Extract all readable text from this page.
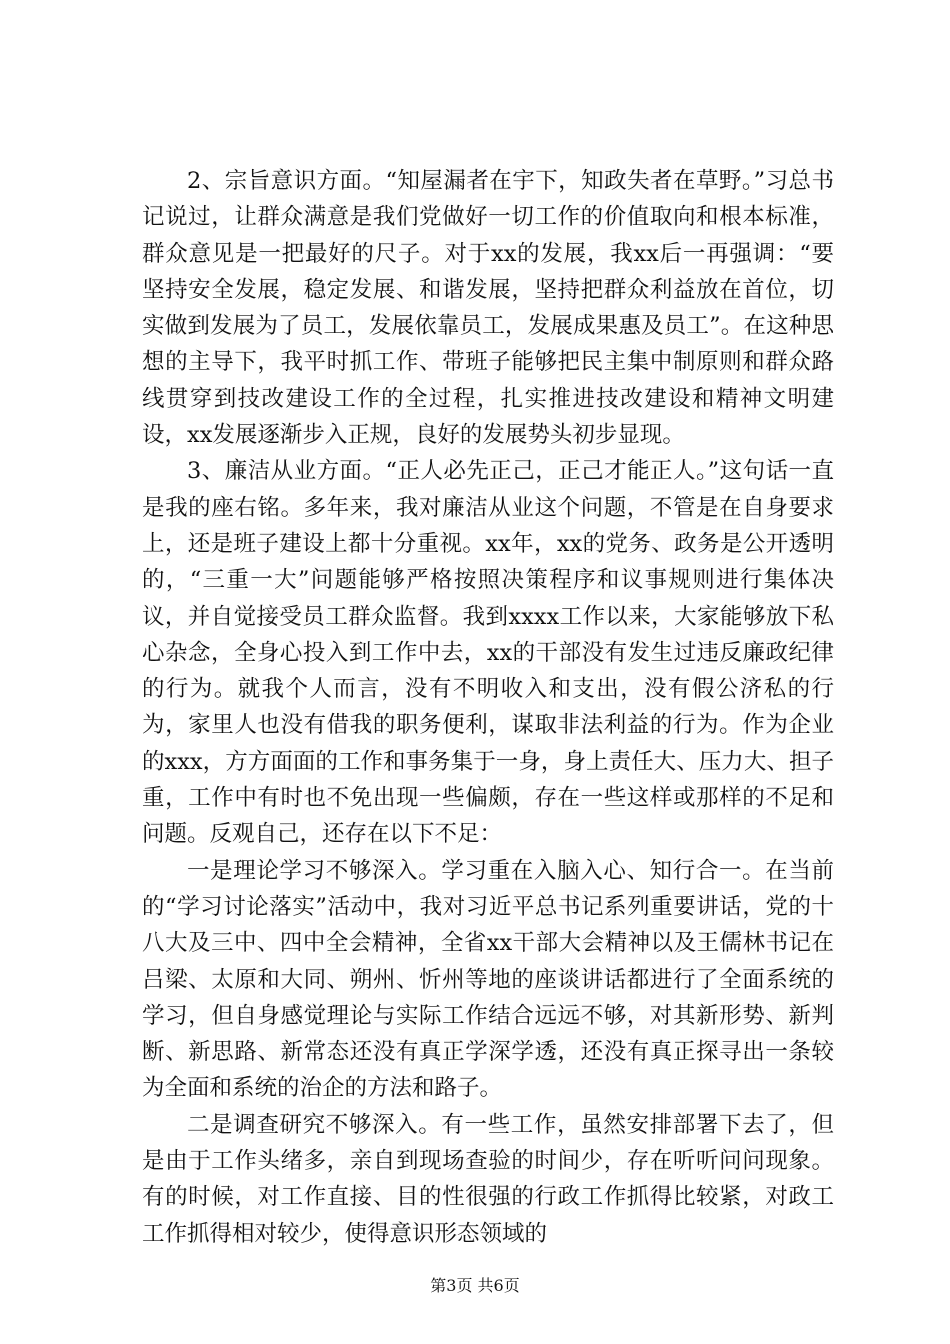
2、宗旨意识方面。“知屋漏者在宇下，知政失者在草野。”习总书记说过，让群众满意是我们党做好一切工作的价值取向和根本标准，群众意见是一把最好的尺子。对于xx的发展，我xx后一再强调：“要坚持安全发展，稳定发展、和谐发展，坚持把群众利益放在首位，切实做到发展为了员工，发展依靠员工，发展成果惠及员工”。在这种思想的主导下，我平时抓工作、带班子能够把民主集中制原则和群众路线贯穿到技改建设工作的全过程，扎实推进技改建设和精神文明建设，xx发展逐渐步入正规，良好的发展势头初步显现。

3、廉洁从业方面。“正人必先正己，正己才能正人。”这句话一直是我的座右铭。多年来，我对廉洁从业这个问题，不管是在自身要求上，还是班子建设上都十分重视。xx年，xx的党务、政务是公开透明的，“三重一大”问题能够严格按照决策程序和议事规则进行集体决议，并自觉接受员工群众监督。我到xxxx工作以来，大家能够放下私心杂念，全身心投入到工作中去，xx的干部没有发生过违反廉政纪律的行为。就我个人而言，没有不明收入和支出，没有假公济私的行为，家里人也没有借我的职务便利，谋取非法利益的行为。作为企业的xxx，方方面面的工作和事务集于一身，身上责任大、压力大、担子重，工作中有时也不免出现一些偏颇，存在一些这样或那样的不足和问题。反观自己，还存在以下不足：

一是理论学习不够深入。学习重在入脑入心、知行合一。在当前的“学习讨论落实”活动中，我对习近平总书记系列重要讲话，党的十八大及三中、四中全会精神，全省xx干部大会精神以及王儒林书记在吕梁、太原和大同、朔州、忻州等地的座谈讲话都进行了全面系统的学习，但自身感觉理论与实际工作结合远远不够，对其新形势、新判断、新思路、新常态还没有真正学深学透，还没有真正探寻出一条较为全面和系统的治企的方法和路子。

二是调查研究不够深入。有一些工作，虽然安排部署下去了，但是由于工作头绪多，亲自到现场查验的时间少，存在听听问问现象。有的时候，对工作直接、目的性很强的行政工作抓得比较紧，对政工工作抓得相对较少，使得意识形态领域的

第3页 共6页
